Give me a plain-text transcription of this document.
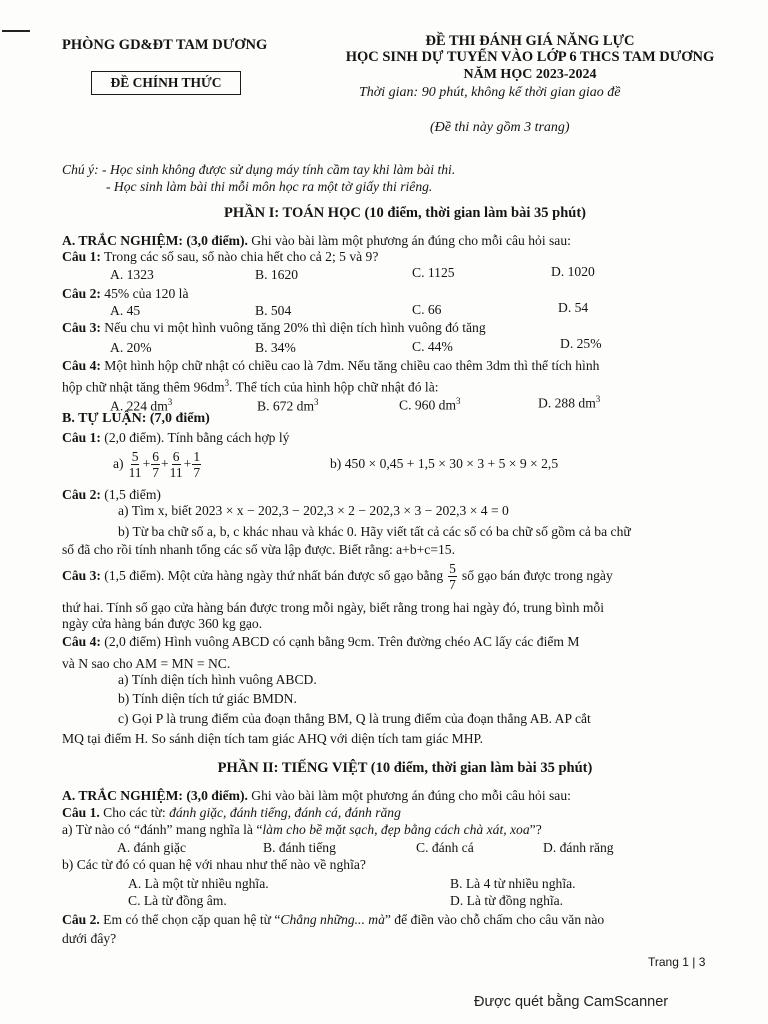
PHÒNG GD&ĐT TAM DƯƠNG
ĐỀ CHÍNH THỨC
ĐỀ THI ĐÁNH GIÁ NĂNG LỰC
HỌC SINH DỰ TUYỂN VÀO LỚP 6 THCS TAM DƯƠNG
NĂM HỌC 2023-2024
Thời gian: 90 phút, không kể thời gian giao đề
(Đề thi này gồm 3 trang)
Chú ý: - Học sinh không được sử dụng máy tính cầm tay khi làm bài thi.
- Học sinh làm bài thi mỗi môn học ra một tờ giấy thi riêng.
PHẦN I: TOÁN HỌC (10 điểm, thời gian làm bài 35 phút)
A. TRẮC NGHIỆM: (3,0 điểm). Ghi vào bài làm một phương án đúng cho mỗi câu hỏi sau:
Câu 1: Trong các số sau, số nào chia hết cho cả 2; 5 và 9?
A. 1323	B. 1620	C. 1125	D. 1020
Câu 2: 45% của 120 là
A. 45	B. 504	C. 66	D. 54
Câu 3: Nếu chu vi một hình vuông tăng 20% thì diện tích hình vuông đó tăng
A. 20%	B. 34%	C. 44%	D. 25%
Câu 4: Một hình hộp chữ nhật có chiều cao là 7dm. Nếu tăng chiều cao thêm 3dm thì thể tích hình
hộp chữ nhật tăng thêm $96dm^3$. Thể tích của hình hộp chữ nhật đó là:
A. 224 $dm^3$	B. 672 $dm^3$	C. 960 $dm^3$	D. 288 $dm^3$
B. TỰ LUẬN: (7,0 điểm)
Câu 1: (2,0 điểm). Tính bằng cách hợp lý
$a) \frac{5}{11} + \frac{6}{7} + \frac{6}{11} + \frac{1}{7}$	b) 450 × 0,45 + 1,5 × 30 × 3 + 5 × 9 × 2,5
Câu 2: (1,5 điểm)
a) Tìm x, biết 2023 × x − 202,3 − 202,3 × 2 − 202,3 × 3 − 202,3 × 4 = 0
b) Từ ba chữ số a, b, c khác nhau và khác 0. Hãy viết tất cả các số có ba chữ số gồm cả ba chữ
số đã cho rồi tính nhanh tổng các số vừa lập được. Biết rằng: a+b+c=15.
Câu 3: (1,5 điểm). Một cửa hàng ngày thứ nhất bán được số gạo bằng $\frac{5}{7}$ số gạo bán được trong ngày
thứ hai. Tính số gạo cửa hàng bán được trong mỗi ngày, biết rằng trong hai ngày đó, trung bình mỗi
ngày cửa hàng bán được 360 kg gạo.
Câu 4: (2,0 điểm) Hình vuông ABCD có cạnh bằng 9cm. Trên đường chéo AC lấy các điểm M
và N sao cho AM = MN = NC.
a) Tính diện tích hình vuông ABCD.
b) Tính diện tích tứ giác BMDN.
c) Gọi P là trung điểm của đoạn thẳng BM, Q là trung điểm của đoạn thẳng AB. AP cắt
MQ tại điểm H. So sánh diện tích tam giác AHQ với diện tích tam giác MHP.
PHẦN II: TIẾNG VIỆT (10 điểm, thời gian làm bài 35 phút)
A. TRẮC NGHIỆM: (3,0 điểm). Ghi vào bài làm một phương án đúng cho mỗi câu hỏi sau:
Câu 1. Cho các từ: đánh giặc, đánh tiếng, đánh cá, đánh răng
a) Từ nào có “đánh” mang nghĩa là “làm cho bề mặt sạch, đẹp bằng cách chà xát, xoa”?
A. đánh giặc	B. đánh tiếng	C. đánh cá	D. đánh răng
b) Các từ đó có quan hệ với nhau như thế nào về nghĩa?
A. Là một từ nhiều nghĩa.	B. Là 4 từ nhiều nghĩa.
C. Là từ đồng âm.	D. Là từ đồng nghĩa.
Câu 2. Em có thể chọn cặp quan hệ từ “Chẳng những... mà” để điền vào chỗ chấm cho câu văn nào
dưới đây?
Trang 1 | 3
Được quét bằng CamScanner
